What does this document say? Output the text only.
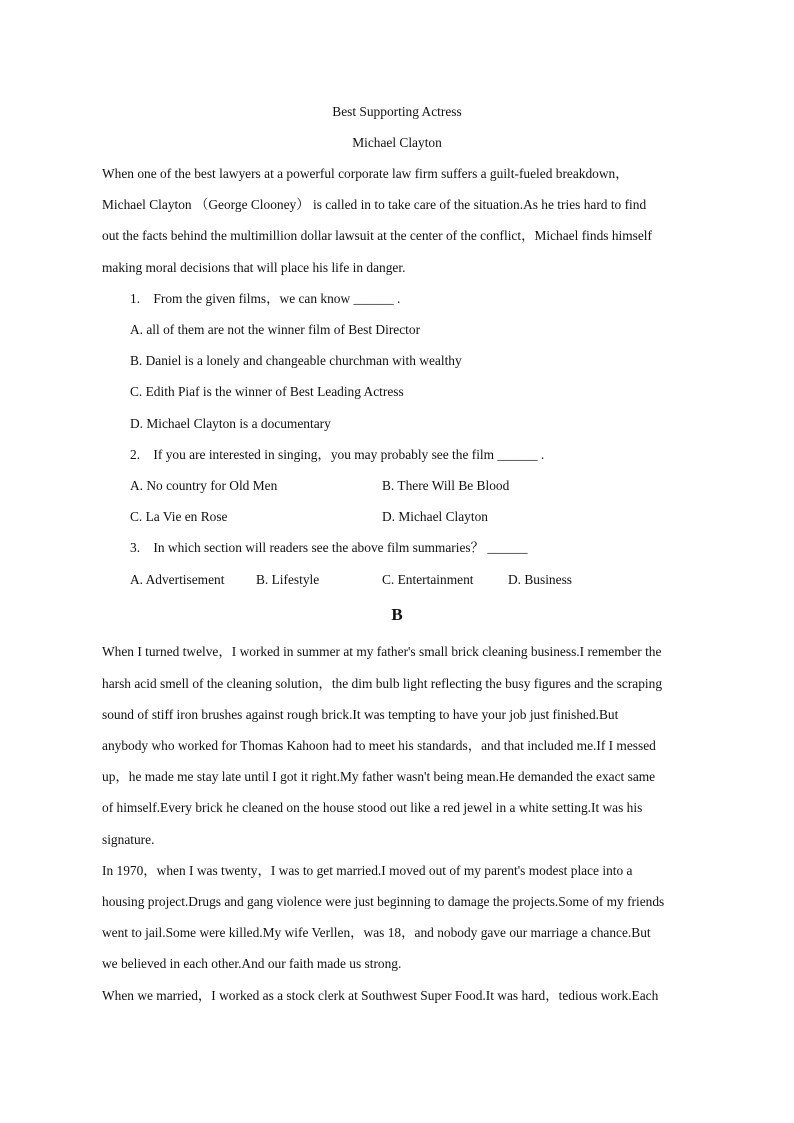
Best Supporting Actress
Michael Clayton
When one of the best lawyers at a powerful corporate law firm suffers a guilt-fueled breakdown，
Michael Clayton （George Clooney） is called in to take care of the situation.As he tries hard to find
out the facts behind the multimillion dollar lawsuit at the center of the conflict，Michael finds himself
making moral decisions that will place his life in danger.
1.　From the given films，we can know ______ .
A. all of them are not the winner film of Best Director
B. Daniel is a lonely and changeable churchman with wealthy
C. Edith Piaf is the winner of Best Leading Actress
D. Michael Clayton is a documentary
2.　If you are interested in singing，you may probably see the film ______ .
A. No country for Old Men	B. There Will Be Blood
C. La Vie en Rose	D. Michael Clayton
3.　In which section will readers see the above film summaries？ ______
A. Advertisement B. Lifestyle	C. Entertainment	D. Business
B
When I turned twelve，I worked in summer at my father's small brick cleaning business.I remember the
harsh acid smell of the cleaning solution，the dim bulb light reflecting the busy figures and the scraping
sound of stiff iron brushes against rough brick.It was tempting to have your job just finished.But
anybody who worked for Thomas Kahoon had to meet his standards，and that included me.If I messed
up，he made me stay late until I got it right.My father wasn't being mean.He demanded the exact same
of himself.Every brick he cleaned on the house stood out like a red jewel in a white setting.It was his
signature.
In 1970，when I was twenty，I was to get married.I moved out of my parent's modest place into a
housing project.Drugs and gang violence were just beginning to damage the projects.Some of my friends
went to jail.Some were killed.My wife Verllen，was 18，and nobody gave our marriage a chance.But
we believed in each other.And our faith made us strong.
When we married，I worked as a stock clerk at Southwest Super Food.It was hard，tedious work.Each
